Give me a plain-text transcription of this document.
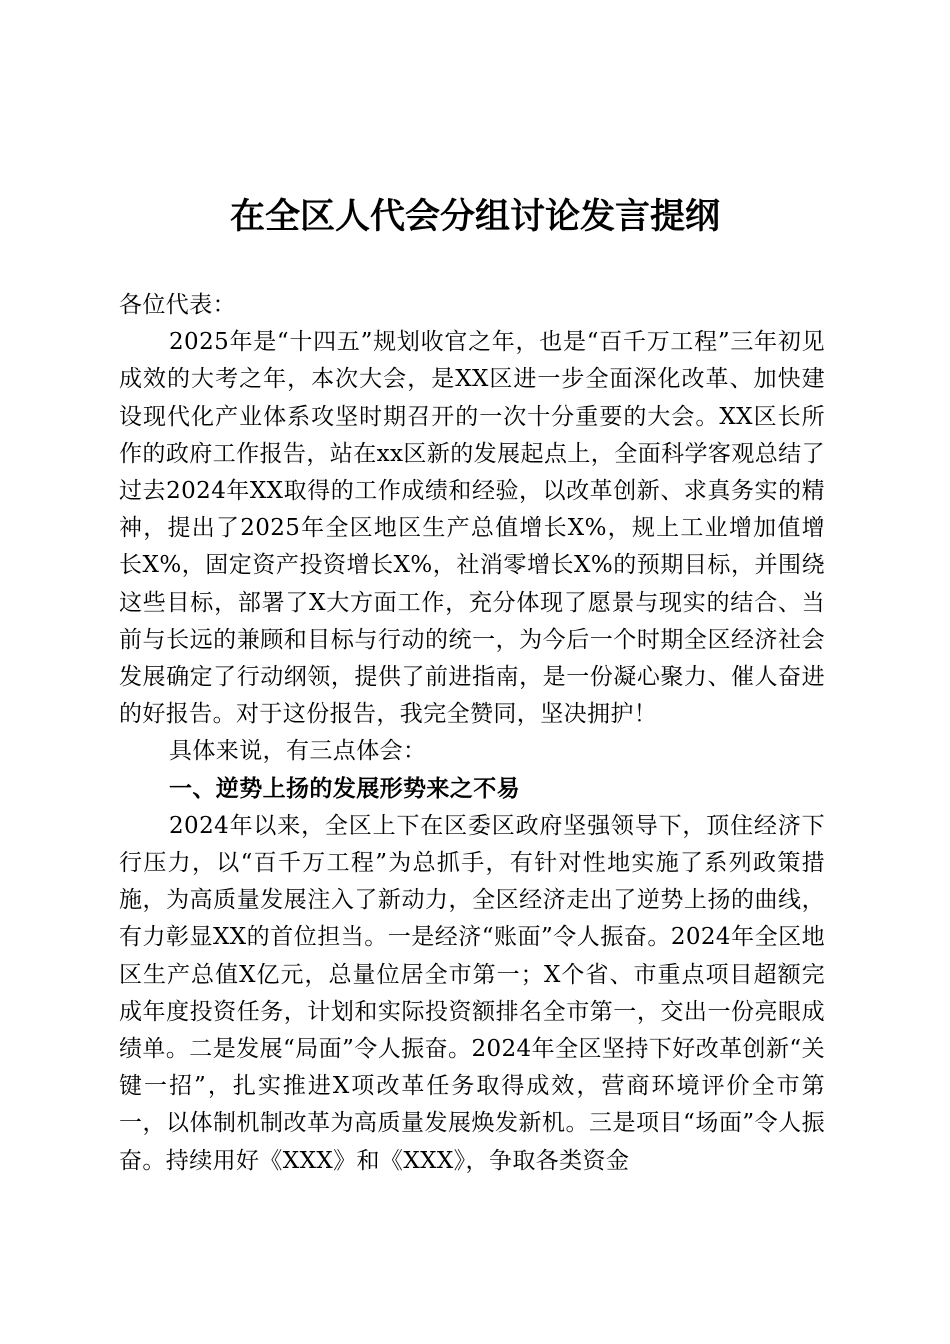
在全区人代会分组讨论发言提纲

各位代表：

2025年是“十四五”规划收官之年，也是“百千万工程”三年初见成效的大考之年，本次大会，是XX区进一步全面深化改革、加快建设现代化产业体系攻坚时期召开的一次十分重要的大会。XX区长所作的政府工作报告，站在xx区新的发展起点上，全面科学客观总结了过去2024年XX取得的工作成绩和经验，以改革创新、求真务实的精神，提出了2025年全区地区生产总值增长X%，规上工业增加值增长X%，固定资产投资增长X%，社消零增长X%的预期目标，并围绕这些目标，部署了X大方面工作，充分体现了愿景与现实的结合、当前与长远的兼顾和目标与行动的统一，为今后一个时期全区经济社会发展确定了行动纲领，提供了前进指南，是一份凝心聚力、催人奋进的好报告。对于这份报告，我完全赞同，坚决拥护！

具体来说，有三点体会：

一、逆势上扬的发展形势来之不易

2024年以来，全区上下在区委区政府坚强领导下，顶住经济下行压力，以“百千万工程”为总抓手，有针对性地实施了系列政策措施，为高质量发展注入了新动力，全区经济走出了逆势上扬的曲线，有力彰显XX的首位担当。一是经济“账面”令人振奋。2024年全区地区生产总值X亿元，总量位居全市第一；X个省、市重点项目超额完成年度投资任务，计划和实际投资额排名全市第一，交出一份亮眼成绩单。二是发展“局面”令人振奋。2024年全区坚持下好改革创新“关键一招”，扎实推进X项改革任务取得成效，营商环境评价全市第一，以体制机制改革为高质量发展焕发新机。三是项目“场面”令人振奋。持续用好《XXX》和《XXX》，争取各类资金
